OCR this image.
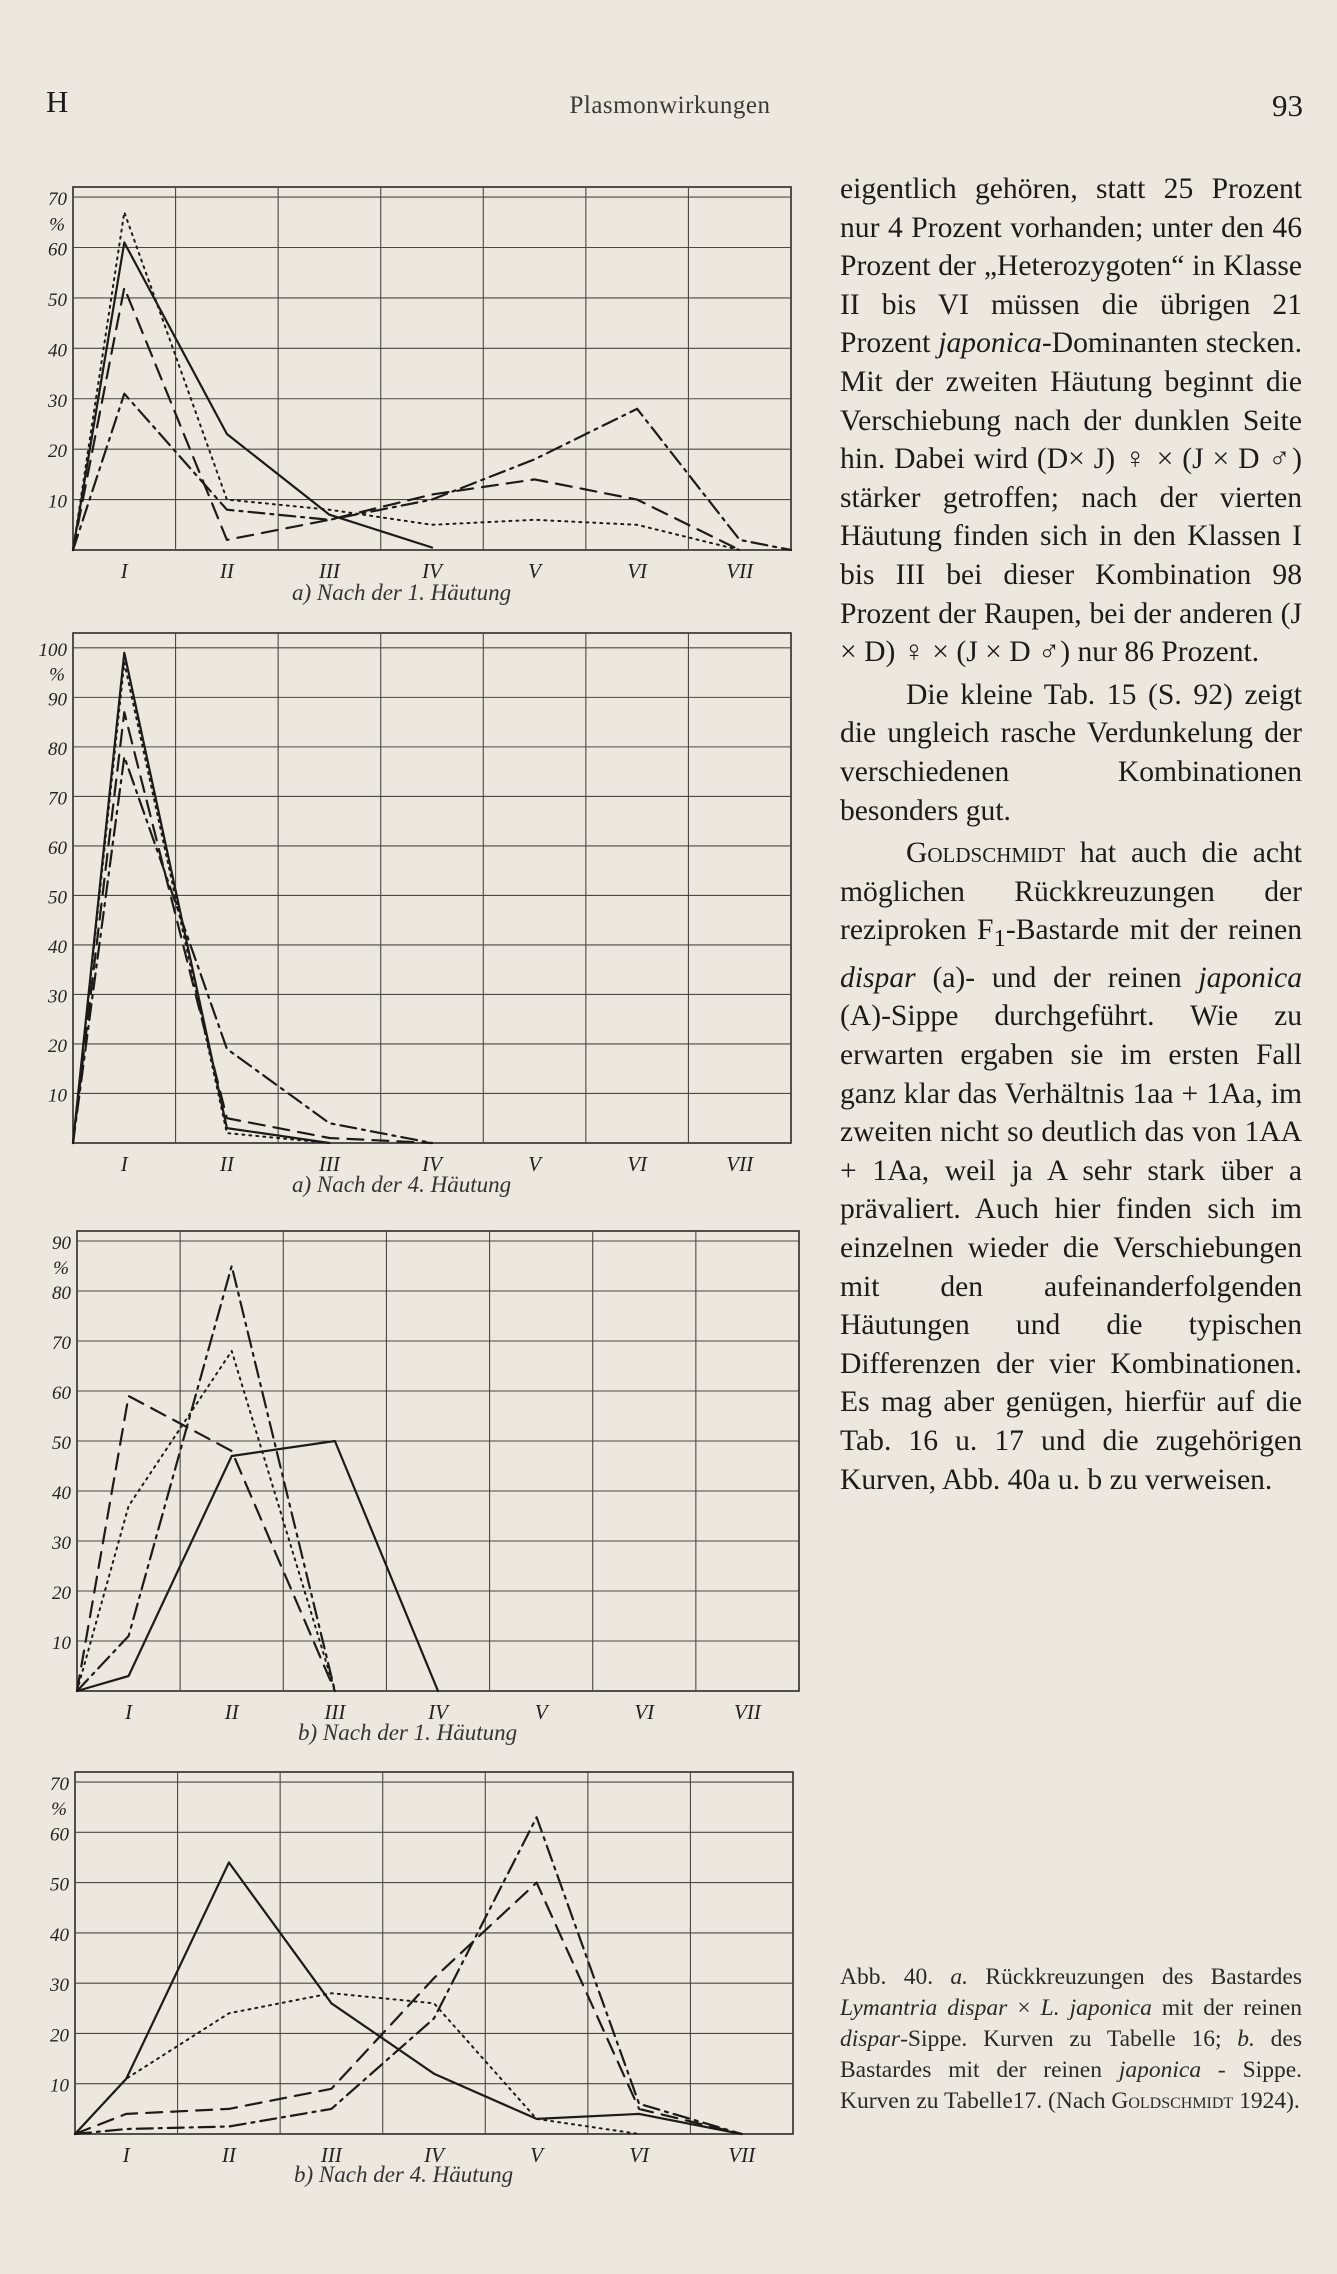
H	Plasmonwirkungen	93
10
20
30
40
50
60
70
%
I	II	III	IV	V	VI	VII
a) Nach der 1. Häutung
10
20
30
40
50
60
70
80
90
100
%
I	II	III	IV	V	VI	VII
a) Nach der 4. Häutung
10
20
30
40
50
60
70
80
90
%
I	II	III	IV	V	VI	VII
b) Nach der 1. Häutung
10
20
30
40
50
60
70
%
I	II	III	IV	V	VI	VII
b) Nach der 4. Häutung

eigentlich gehören, statt 25 Prozent nur 4 Prozent vorhanden; unter den 46 Prozent der „Heterozygoten“ in Klasse II bis VI müssen die übrigen 21 Prozent japonica-Dominanten stecken. Mit der zweiten Häutung beginnt die Verschiebung nach der dunklen Seite hin. Dabei wird (D× J) ♀ × (J × D ♂) stärker getroffen; nach der vierten Häutung finden sich in den Klassen I bis III bei dieser Kombination 98 Prozent der Raupen, bei der anderen (J × D) ♀ × (J × D ♂) nur 86 Prozent.

Die kleine Tab. 15 (S. 92) zeigt die ungleich rasche Verdunkelung der verschiedenen Kombinationen besonders gut.

Goldschmidt hat auch die acht möglichen Rückkreuzungen der reziproken $F_1$-Bastarde mit der reinen dispar (a)- und der reinen japonica (A)-Sippe durchgeführt. Wie zu erwarten ergaben sie im ersten Fall ganz klar das Verhältnis 1aa + 1Aa, im zweiten nicht so deutlich das von 1AA + 1Aa, weil ja A sehr stark über a prävaliert. Auch hier finden sich im einzelnen wieder die Verschiebungen mit den aufeinanderfolgenden Häutungen und die typischen Differenzen der vier Kombinationen. Es mag aber genügen, hierfür auf die Tab. 16 u. 17 und die zugehörigen Kurven, Abb. 40a u. b zu verweisen.

Abb. 40. a. Rückkreuzungen des Bastardes Lymantria dispar × L. japonica mit der reinen dispar-Sippe. Kurven zu Tabelle 16; b. des Bastardes mit der reinen japonica - Sippe. Kurven zu Tabelle17. (Nach Goldschmidt 1924).
